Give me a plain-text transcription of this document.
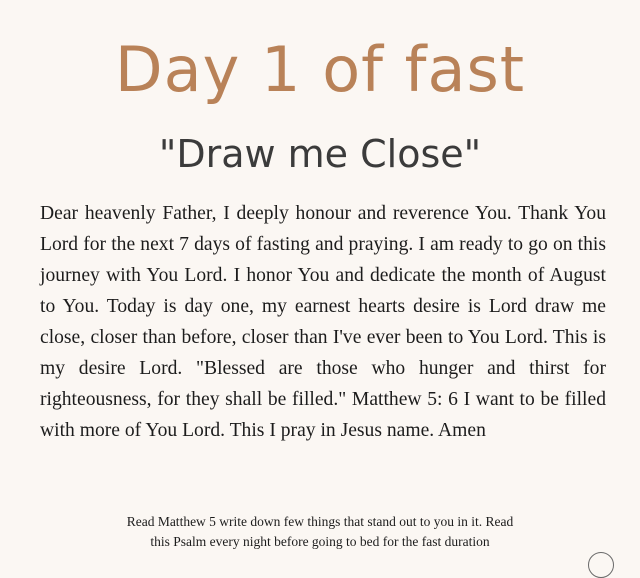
Day 1 of fast
"Draw me Close"

Dear heavenly Father, I deeply honour and reverence You. Thank You Lord for the next 7 days of fasting and praying. I am ready to go on this journey with You Lord. I honor You and dedicate the month of August to You. Today is day one, my earnest hearts desire is Lord draw me close, closer than before, closer than I've ever been to You Lord. This is my desire Lord. "Blessed are those who hunger and thirst for righteousness, for they shall be filled." Matthew 5: 6 I want to be filled with more of You Lord. This I pray in Jesus name. Amen

Read Matthew 5 write down few things that stand out to you in it. Read
this Psalm every night before going to bed for the fast duration
